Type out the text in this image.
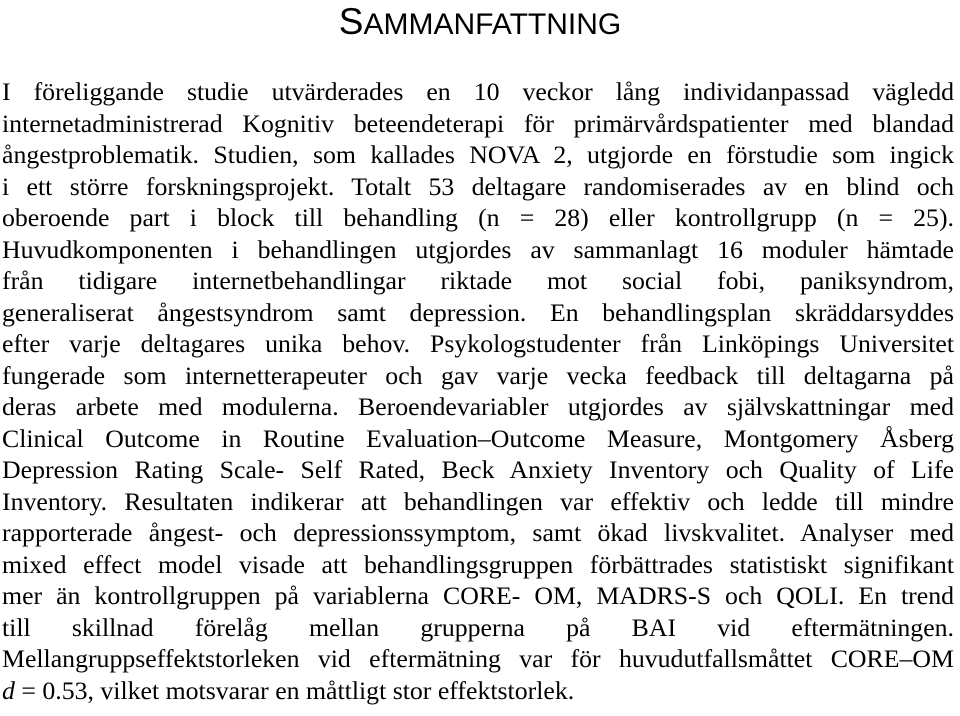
SAMMANFATTNING
I föreliggande studie utvärderades en 10 veckor lång individanpassad vägledd
internetadministrerad Kognitiv beteendeterapi för primärvårdspatienter med blandad
ångestproblematik. Studien, som kallades NOVA 2, utgjorde en förstudie som ingick
i ett större forskningsprojekt. Totalt 53 deltagare randomiserades av en blind och
oberoende part i block till behandling (n = 28) eller kontrollgrupp (n = 25).
Huvudkomponenten i behandlingen utgjordes av sammanlagt 16 moduler hämtade
från tidigare internetbehandlingar riktade mot social fobi, paniksyndrom,
generaliserat ångestsyndrom samt depression. En behandlingsplan skräddarsyddes
efter varje deltagares unika behov. Psykologstudenter från Linköpings Universitet
fungerade som internetterapeuter och gav varje vecka feedback till deltagarna på
deras arbete med modulerna. Beroendevariabler utgjordes av självskattningar med
Clinical Outcome in Routine Evaluation–Outcome Measure, Montgomery Åsberg
Depression Rating Scale- Self Rated, Beck Anxiety Inventory och Quality of Life
Inventory. Resultaten indikerar att behandlingen var effektiv och ledde till mindre
rapporterade ångest- och depressionssymptom, samt ökad livskvalitet. Analyser med
mixed effect model visade att behandlingsgruppen förbättrades statistiskt signifikant
mer än kontrollgruppen på variablerna CORE- OM, MADRS-S och QOLI. En trend
till skillnad förelåg mellan grupperna på BAI vid eftermätningen.
Mellangruppseffektstorleken vid eftermätning var för huvudutfallsmåttet CORE–OM
d = 0.53, vilket motsvarar en måttligt stor effektstorlek.
